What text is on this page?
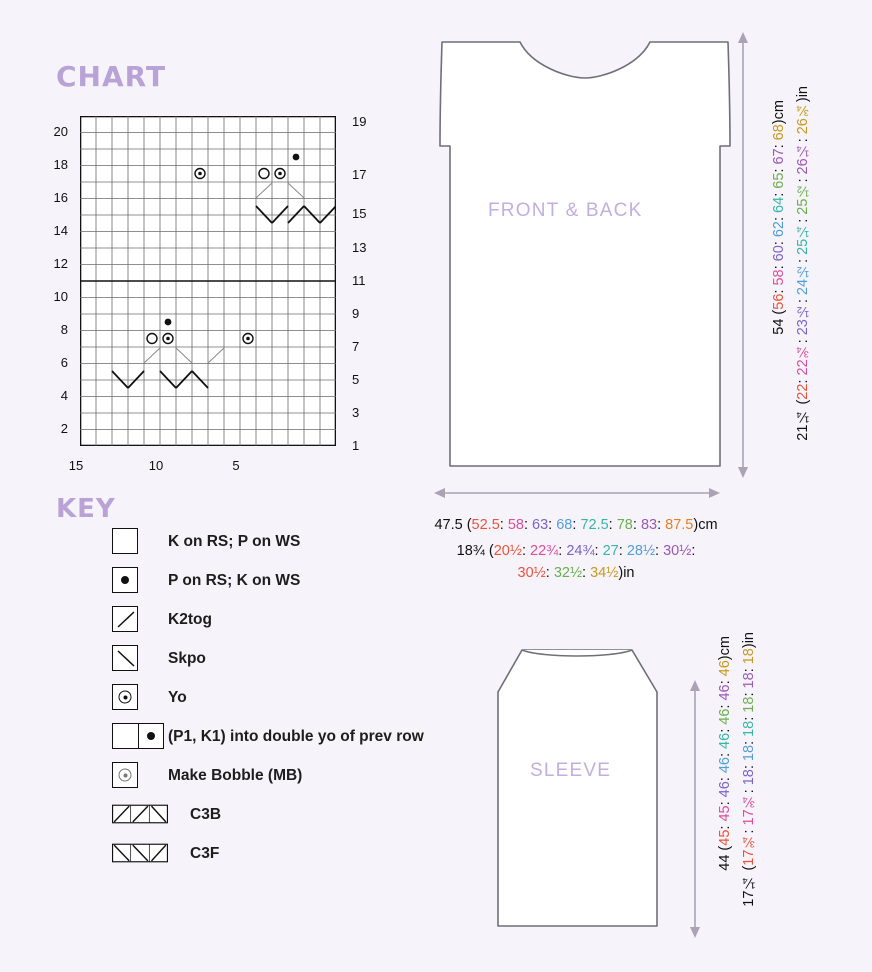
CHART
KEY
20
18
16
14
12
10
8
6
4
2
19
17
15
13
11
9
7
5
3
1
15	10	5
K on RS; P on WS
P on RS; K on WS
K2tog
Skpo
Yo
(P1, K1) into double yo of prev row
Make Bobble (MB)
C3B
C3F
FRONT & BACK
54 (56: 58: 60: 62: 64: 65: 67: 68)cm
21¼ (22: 22¾: 23½: 24½: 25¼: 25½: 26¼: 26¾)in
47.5 (52.5: 58: 63: 68: 72.5: 78: 83: 87.5)cm
18¾ (20½: 22¾: 24¾: 27: 28½: 30½:
30½: 32½: 34½)in
SLEEVE
44 (45: 45: 46: 46: 46: 46: 46: 46)cm
17¼ (17¾: 17¾: 18: 18: 18: 18: 18: 18)in
